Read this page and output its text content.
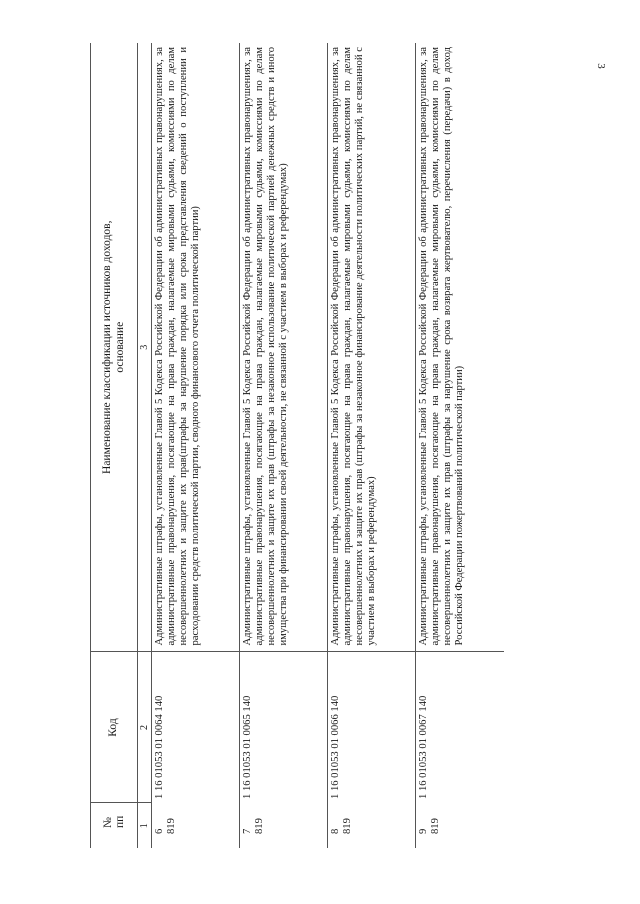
3
№ пп	Код	Наименование классификации источников доходов, основание

1	2	3
6819	1 16 01053 01 0064 140	Административные штрафы, установленные Главой 5 Кодекса Российской Федерации об административных правонарушениях, за административные правонарушения, посягающие на права граждан, налагаемые мировыми судьями, комиссиями по делам несовершеннолетних и защите их прав(штрафы за нарушение порядка или срока представления сведений о поступлении и расходовании средств политической партии, сводного финансового отчета политической партии)
7819	1 16 01053 01 0065 140	Административные штрафы, установленные Главой 5 Кодекса Российской Федерации об административных правонарушениях, за административные правонарушения, посягающие на права граждан, налагаемые мировыми судьями, комиссиями по делам несовершеннолетних и защите их прав (штрафы за незаконное использование политической партией денежных средств и иного имущества при финансировании своей деятельности, не связанной с участием в выборах и референдумах)
8819	1 16 01053 01 0066 140	Административные штрафы, установленные Главой 5 Кодекса Российской Федерации об административных правонарушениях, за административные правонарушения, посягающие на права граждан, налагаемые мировыми судьями, комиссиями по делам несовершеннолетних и защите их прав (штрафы за незаконное финансирование деятельности политических партий, не связанной с участием в выборах и референдумах)
9819	1 16 01053 01 0067 140	Административные штрафы, установленные Главой 5 Кодекса Российской Федерации об административных правонарушениях, за административные правонарушения, посягающие на права граждан, налагаемые мировыми судьями, комиссиями по делам несовершеннолетних и защите их прав (штрафы за нарушение срока возврата жертвователю, перечисления (передачи) в доход Российской Федерации пожертвований политической партии)
